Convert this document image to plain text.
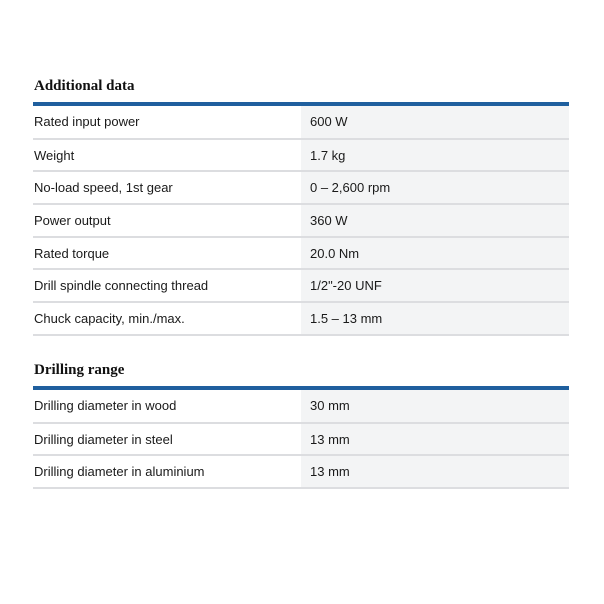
Additional data
Rated input power	600 W
Weight	1.7 kg
No-load speed, 1st gear	0 – 2,600 rpm
Power output	360 W
Rated torque	20.0 Nm
Drill spindle connecting thread	1/2"-20 UNF
Chuck capacity, min./max.	1.5 – 13 mm
Drilling range
Drilling diameter in wood	30 mm
Drilling diameter in steel	13 mm
Drilling diameter in aluminium	13 mm
